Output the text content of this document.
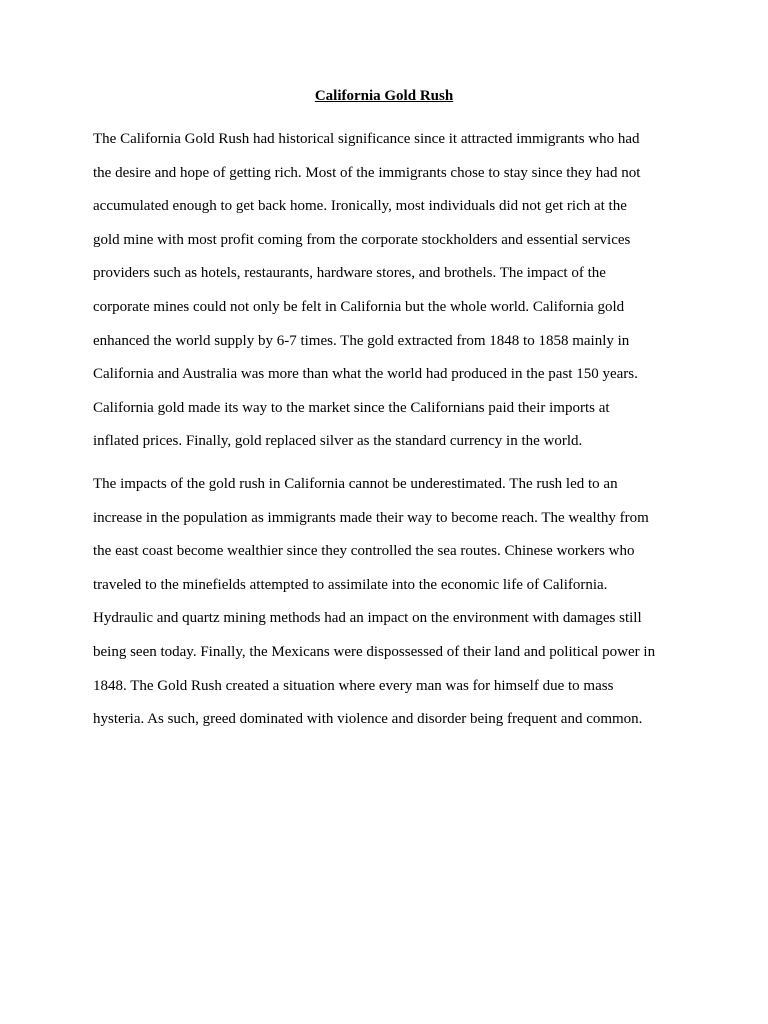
California Gold Rush
The California Gold Rush had historical significance since it attracted immigrants who had
the desire and hope of getting rich. Most of the immigrants chose to stay since they had not
accumulated enough to get back home. Ironically, most individuals did not get rich at the
gold mine with most profit coming from the corporate stockholders and essential services
providers such as hotels, restaurants, hardware stores, and brothels. The impact of the
corporate mines could not only be felt in California but the whole world. California gold
enhanced the world supply by 6-7 times. The gold extracted from 1848 to 1858 mainly in
California and Australia was more than what the world had produced in the past 150 years.
California gold made its way to the market since the Californians paid their imports at
inflated prices. Finally, gold replaced silver as the standard currency in the world.
The impacts of the gold rush in California cannot be underestimated. The rush led to an
increase in the population as immigrants made their way to become reach. The wealthy from
the east coast become wealthier since they controlled the sea routes. Chinese workers who
traveled to the minefields attempted to assimilate into the economic life of California.
Hydraulic and quartz mining methods had an impact on the environment with damages still
being seen today. Finally, the Mexicans were dispossessed of their land and political power in
1848. The Gold Rush created a situation where every man was for himself due to mass
hysteria. As such, greed dominated with violence and disorder being frequent and common.
